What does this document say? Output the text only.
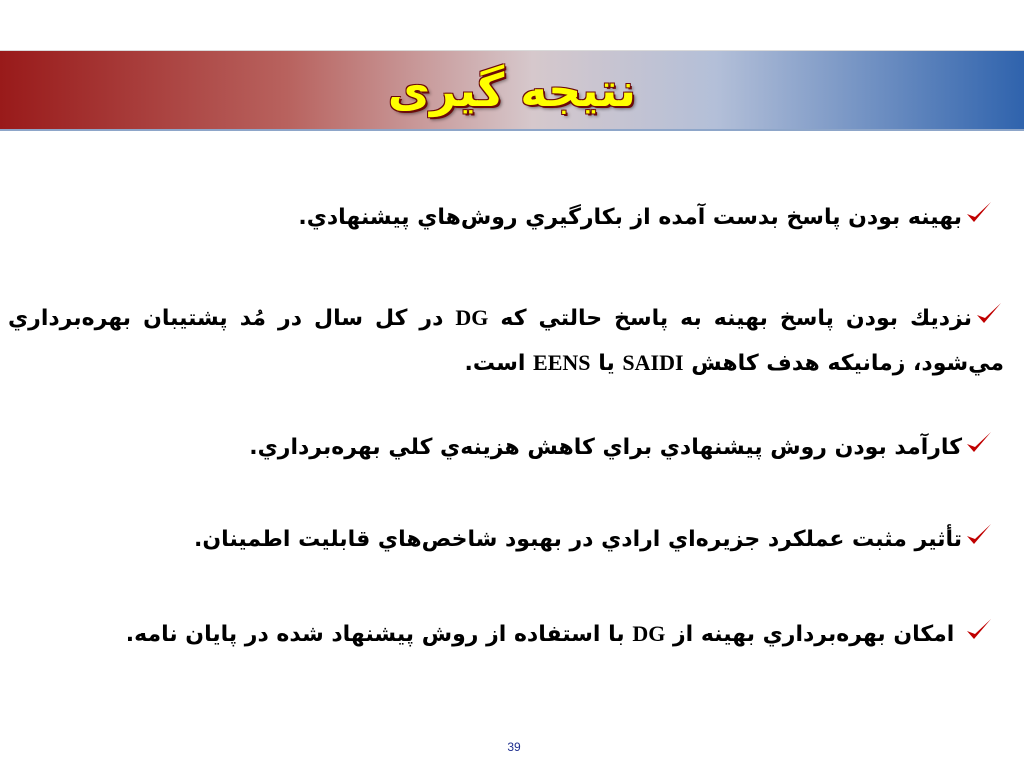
نتیجه گیری
بهينه بودن پاسخ بدست آمده از بكارگيري روش‌هاي پيشنهادي.
نزديك بودن پاسخ بهينه به پاسخ حالتي كه DG در كل سال در مُد پشتيبان بهره‌برداري مي‌شود، زمانيكه هدف كاهش SAIDI يا EENS است.
كارآمد بودن روش پيشنهادي براي كاهش هزينه‌ي كلي بهره‌برداري.
تأثير مثبت عملكرد جزيره‌اي ارادي در بهبود شاخص‌هاي قابليت اطمينان.
امكان بهره‌برداري بهينه از DG با استفاده از روش پيشنهاد شده در پايان نامه.
39
